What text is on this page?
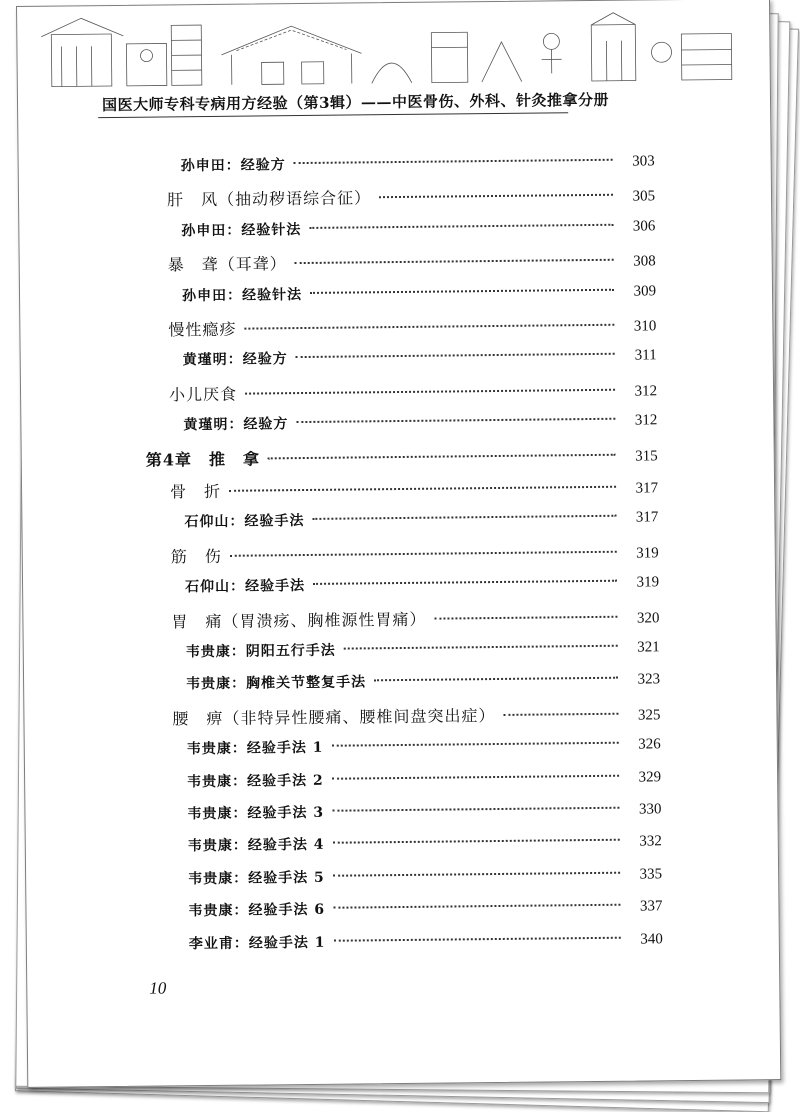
国医大师专科专病用方经验（第3辑）——中医骨伤、外科、针灸推拿分册
孙申田：经验方	303
肝　风（抽动秽语综合征）	305
孙申田：经验针法	306
暴　聋（耳聋）	308
孙申田：经验针法	309
慢性瘾疹	310
黄瑾明：经验方	311
小儿厌食	312
黄瑾明：经验方	312
第4章　推　拿	315
骨　折	317
石仰山：经验手法	317
筋　伤	319
石仰山：经验手法	319
胃　痛（胃溃疡、胸椎源性胃痛）	320
韦贵康：阴阳五行手法	321
韦贵康：胸椎关节整复手法	323
腰　痹（非特异性腰痛、腰椎间盘突出症）	325
韦贵康：经验手法 1	326
韦贵康：经验手法 2	329
韦贵康：经验手法 3	330
韦贵康：经验手法 4	332
韦贵康：经验手法 5	335
韦贵康：经验手法 6	337
李业甫：经验手法 1	340
10
